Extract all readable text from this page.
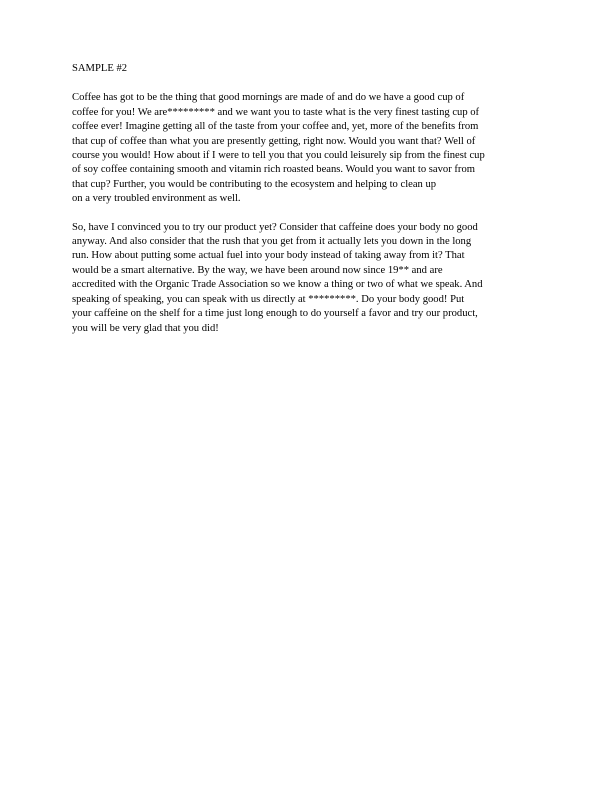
SAMPLE #2
Coffee has got to be the thing that good mornings are made of and do we have a good cup of
coffee for you! We are********* and we want you to taste what is the very finest tasting cup of
coffee ever! Imagine getting all of the taste from your coffee and, yet, more of the benefits from
that cup of coffee than what you are presently getting, right now. Would you want that? Well of
course you would! How about if I were to tell you that you could leisurely sip from the finest cup
of soy coffee containing smooth and vitamin rich roasted beans. Would you want to savor from
that cup? Further, you would be contributing to the ecosystem and helping to clean up
on a very troubled environment as well.
So, have I convinced you to try our product yet? Consider that caffeine does your body no good
anyway. And also consider that the rush that you get from it actually lets you down in the long
run. How about putting some actual fuel into your body instead of taking away from it? That
would be a smart alternative. By the way, we have been around now since 19** and are
accredited with the Organic Trade Association so we know a thing or two of what we speak. And
speaking of speaking, you can speak with us directly at *********. Do your body good! Put
your caffeine on the shelf for a time just long enough to do yourself a favor and try our product,
you will be very glad that you did!
